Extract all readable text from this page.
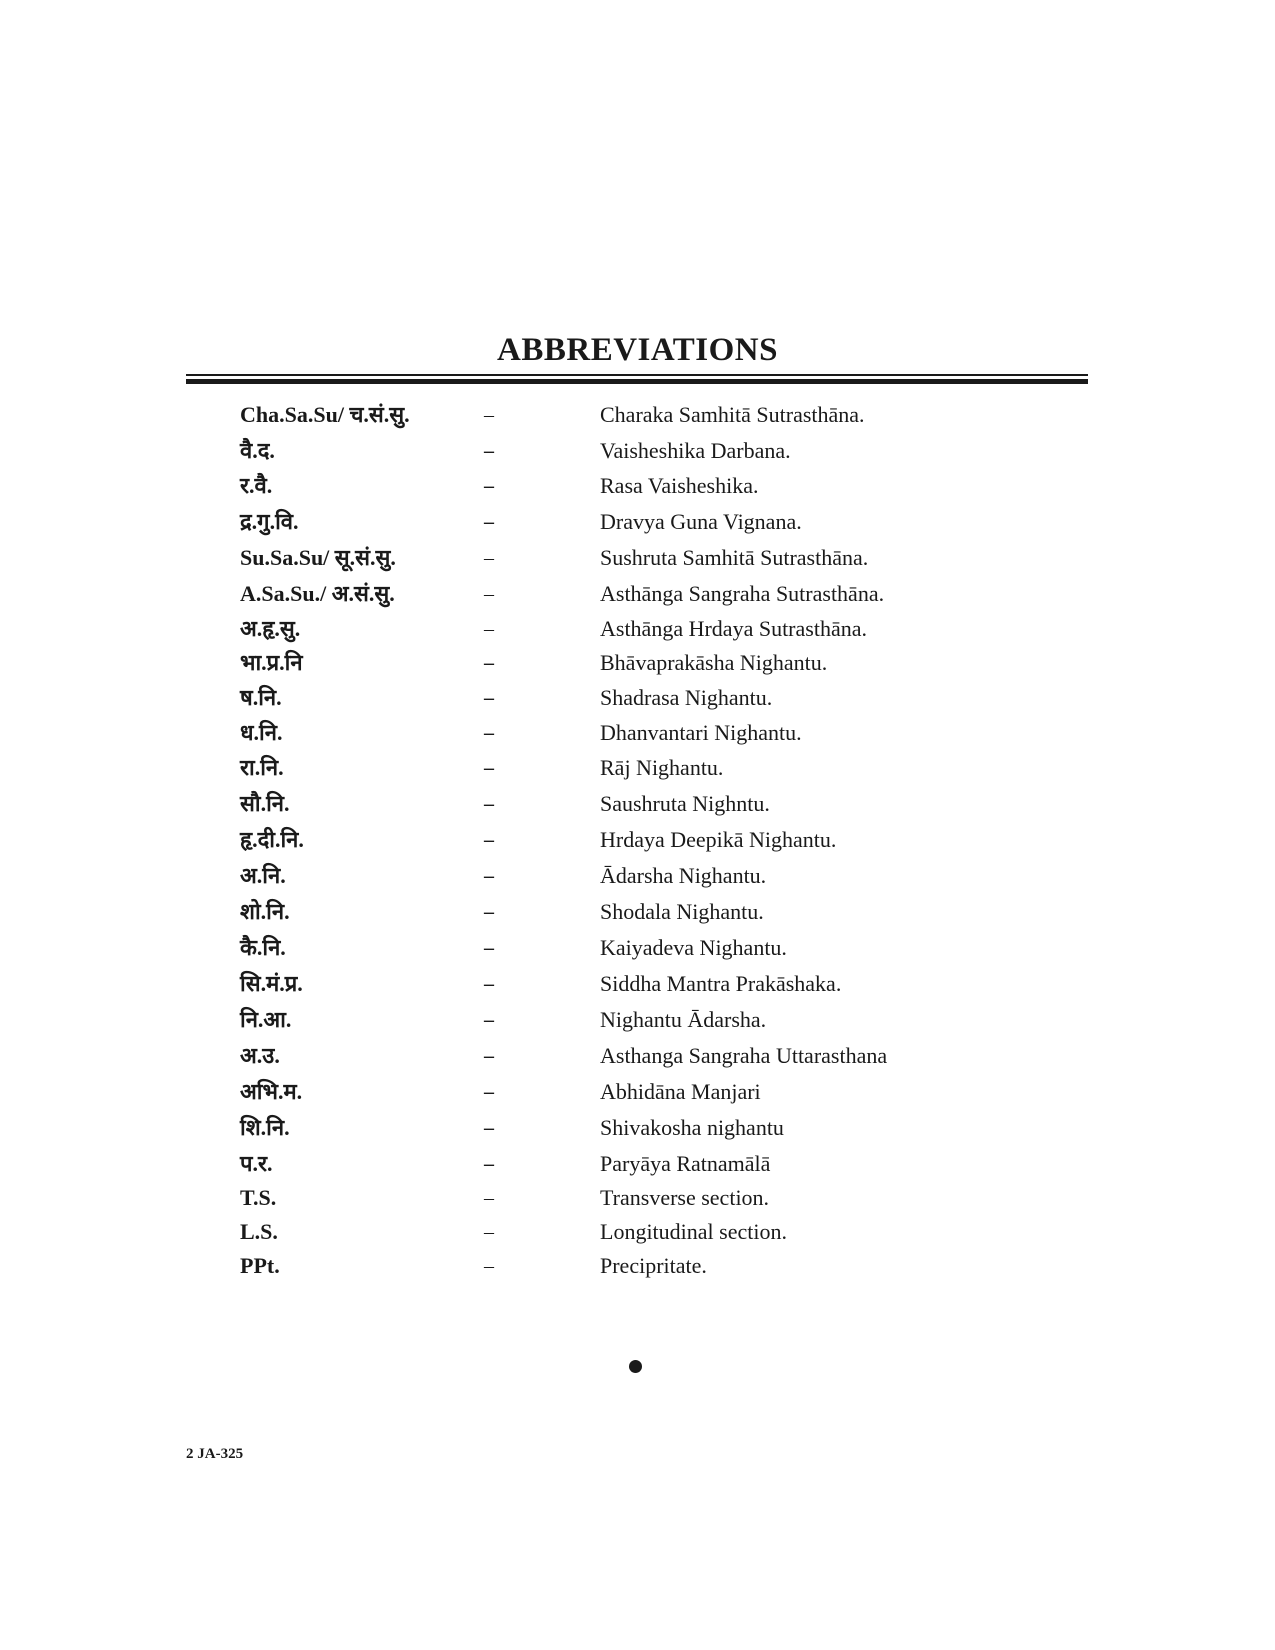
ABBREVIATIONS
Cha.Sa.Su/ च.सं.सु.	–	Charaka Samhitā Sutrasthāna.
वै.द.	–	Vaisheshika Darbana.
र.वै.	–	Rasa Vaisheshika.
द्र.गु.वि.	–	Dravya Guna Vignana.
Su.Sa.Su/ सू.सं.सु.	–	Sushruta Samhitā Sutrasthāna.
A.Sa.Su./ अ.सं.सु.	–	Asthānga Sangraha Sutrasthāna.
अ.हृ.सु.	–	Asthānga Hrdaya Sutrasthāna.
भा.प्र.नि	–	Bhāvaprakāsha Nighantu.
ष.नि.	–	Shadrasa Nighantu.
ध.नि.	–	Dhanvantari Nighantu.
रा.नि.	–	Rāj Nighantu.
सौ.नि.	–	Saushruta Nighntu.
हृ.दी.नि.	–	Hrdaya Deepikā Nighantu.
अ.नि.	–	Ādarsha Nighantu.
शो.नि.	–	Shodala Nighantu.
कै.नि.	–	Kaiyadeva Nighantu.
सि.मं.प्र.	–	Siddha Mantra Prakāshaka.
नि.आ.	–	Nighantu Ādarsha.
अ.उ.	–	Asthanga Sangraha Uttarasthana
अभि.म.	–	Abhidāna Manjari
शि.नि.	–	Shivakosha nighantu
प.र.	–	Paryāya Ratnamālā
T.S.	–	Transverse section.
L.S.	–	Longitudinal section.
PPt.	–	Precipritate.
2 JA-325
